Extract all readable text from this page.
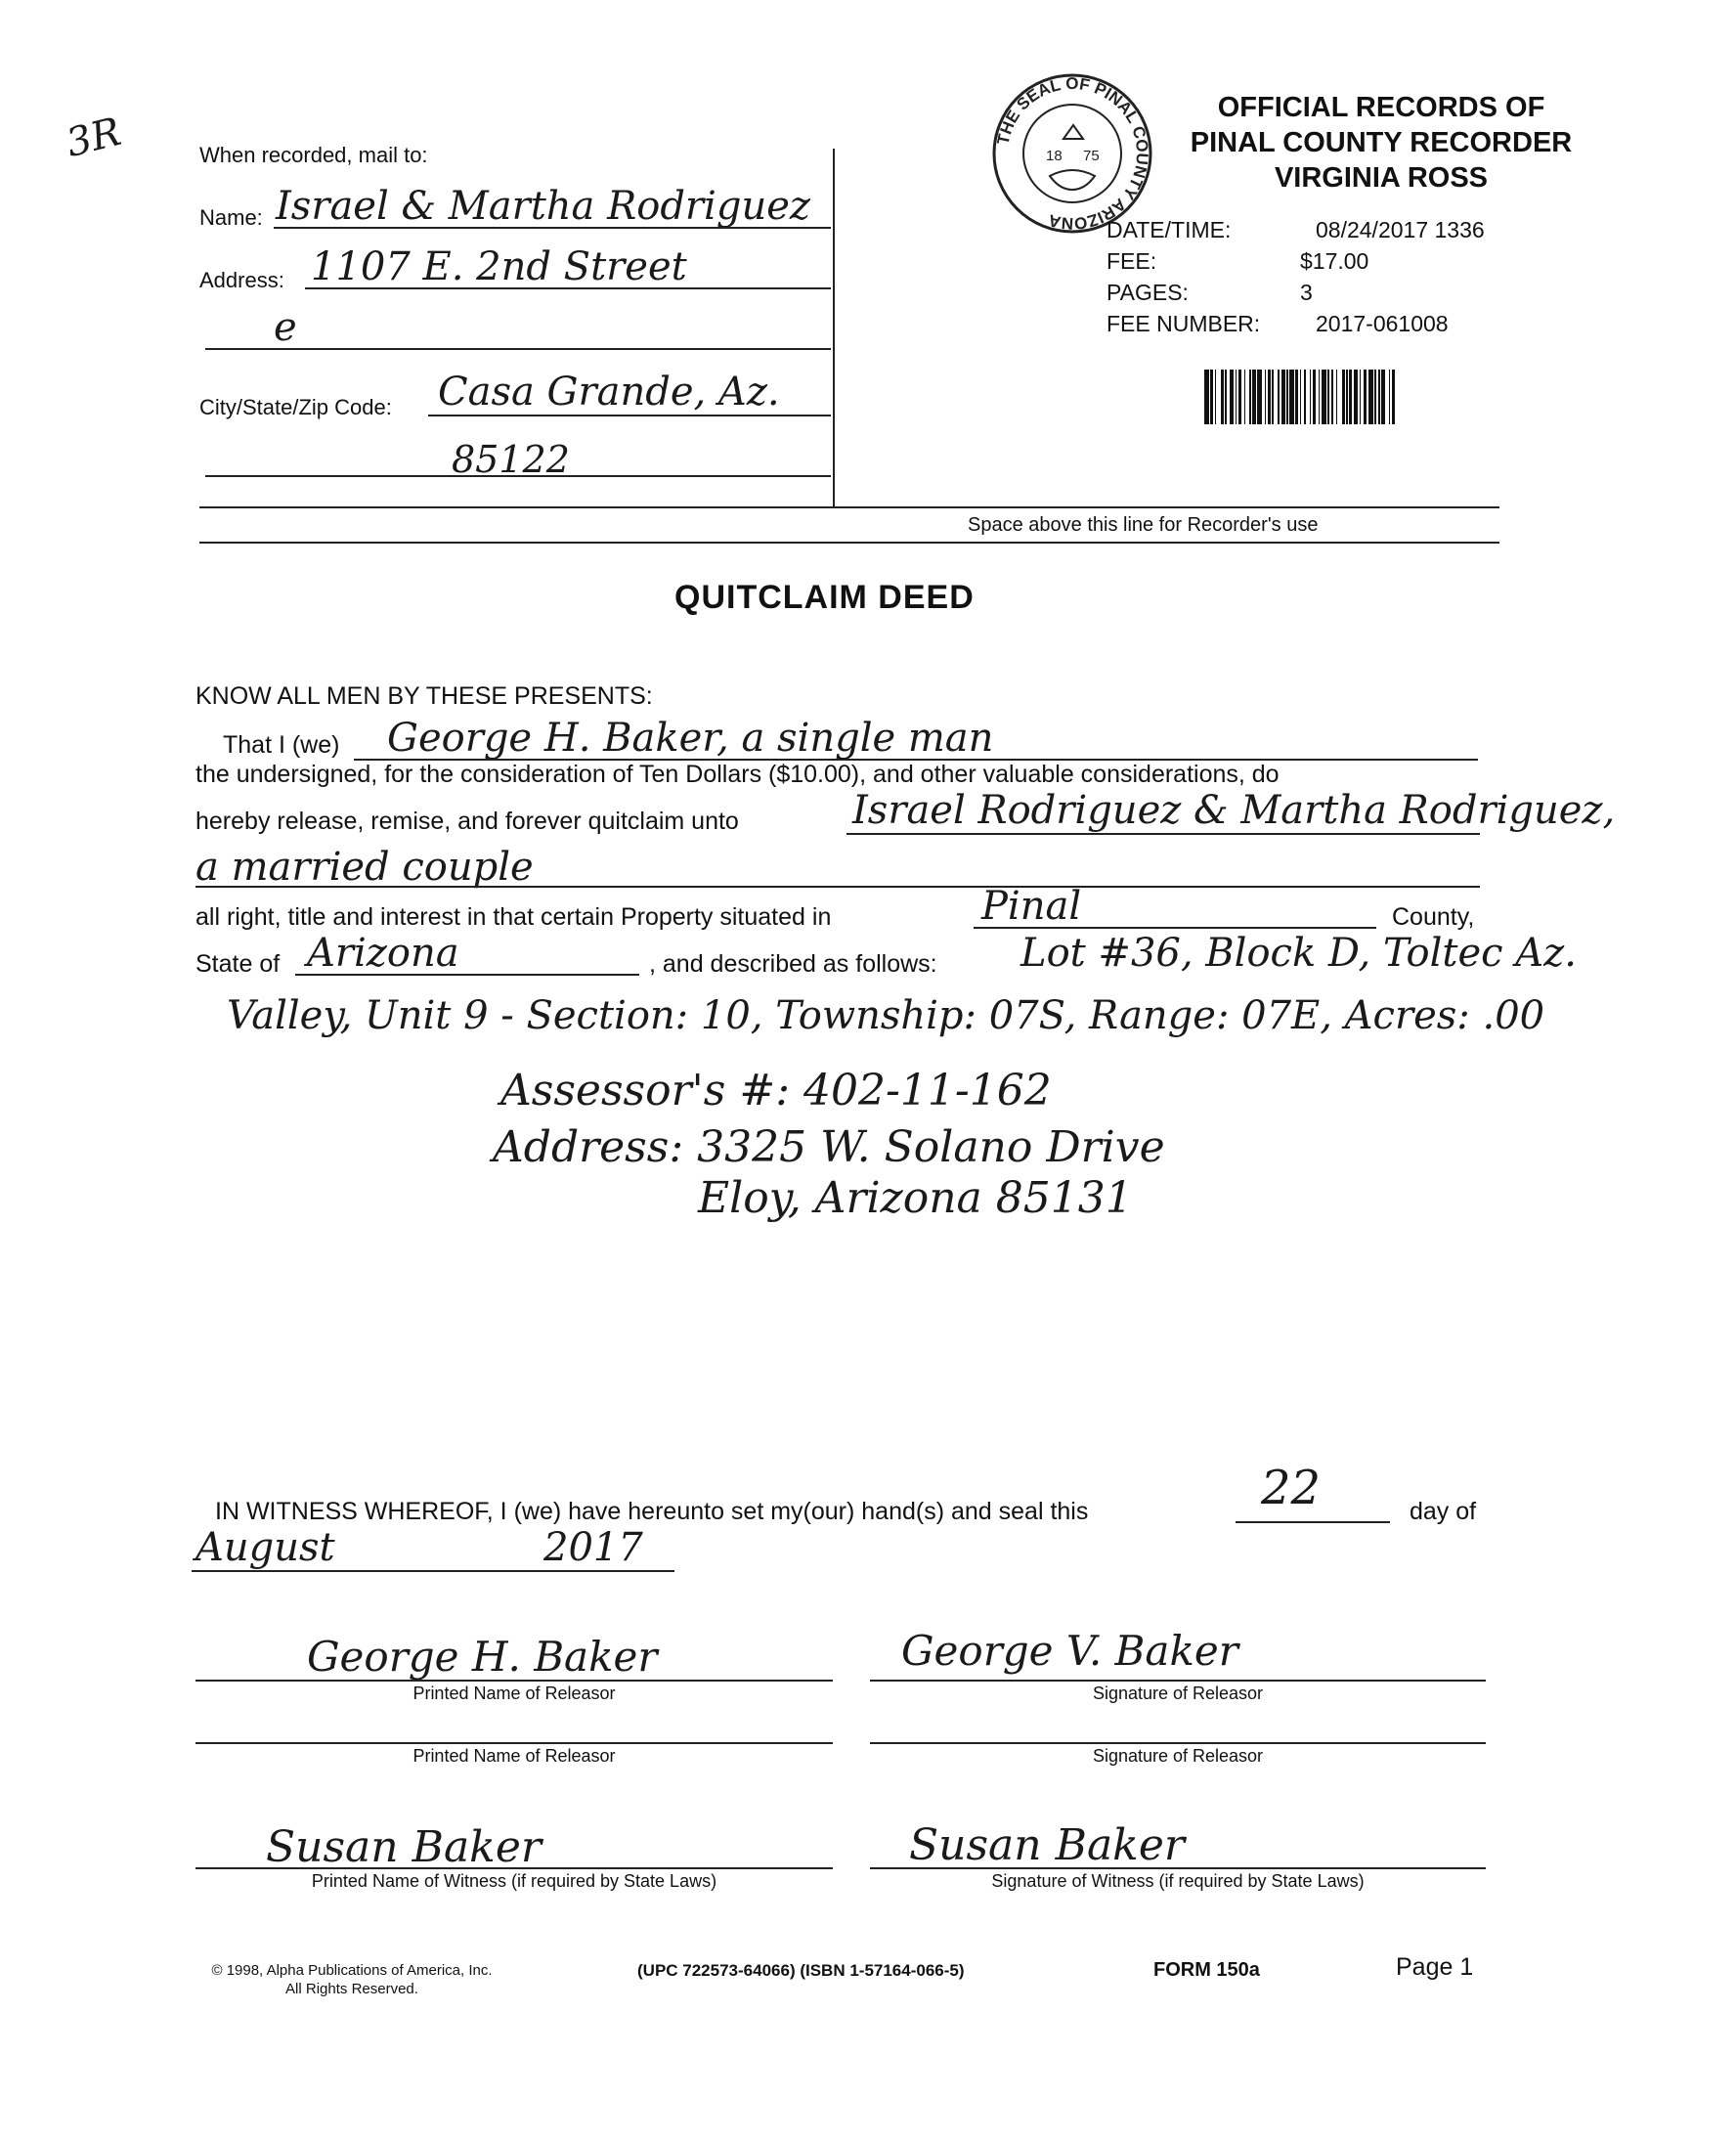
3R	When recorded, mail to:
Name: Israel & Martha Rodriguez
Address: 1107 E. 2nd Street
e
City/State/Zip Code: Casa Grande, Az.
85122
THE SEAL OF PINAL COUNTY ARIZONA
18 75
OFFICIAL RECORDS OF
PINAL COUNTY RECORDER
VIRGINIA ROSS
DATE/TIME:	08/24/2017 1336
FEE:	$17.00
PAGES:	3
FEE NUMBER: 2017-061008
Space above this line for Recorder's use
QUITCLAIM DEED
KNOW ALL MEN BY THESE PRESENTS:
That I (we) George H. Baker, a single man
the undersigned, for the consideration of Ten Dollars ($10.00), and other valuable considerations, do
hereby release, remise, and forever quitclaim unto	Israel Rodriguez & Martha Rodriguez,
a married couple
all right, title and interest in that certain Property situated in	Pinal	County,
State of Arizona	, and described as follows: Lot #36, Block D, Toltec Az.
Valley, Unit 9 - Section: 10, Township: 07S, Range: 07E, Acres: .00
Assessor's #: 402-11-162
Address: 3325 W. Solano Drive
Eloy, Arizona 85131
IN WITNESS WHEREOF, I (we) have hereunto set my(our) hand(s) and seal this	22	day of
August	2017
George H. Baker
Printed Name of Releasor
George V. Baker
Signature of Releasor
Printed Name of Releasor	Signature of Releasor
Susan Baker
Printed Name of Witness (if required by State Laws)
Susan Baker
Signature of Witness (if required by State Laws)
© 1998, Alpha Publications of America, Inc.
All Rights Reserved.
(UPC 722573-64066) (ISBN 1-57164-066-5)	FORM 150a	Page 1
